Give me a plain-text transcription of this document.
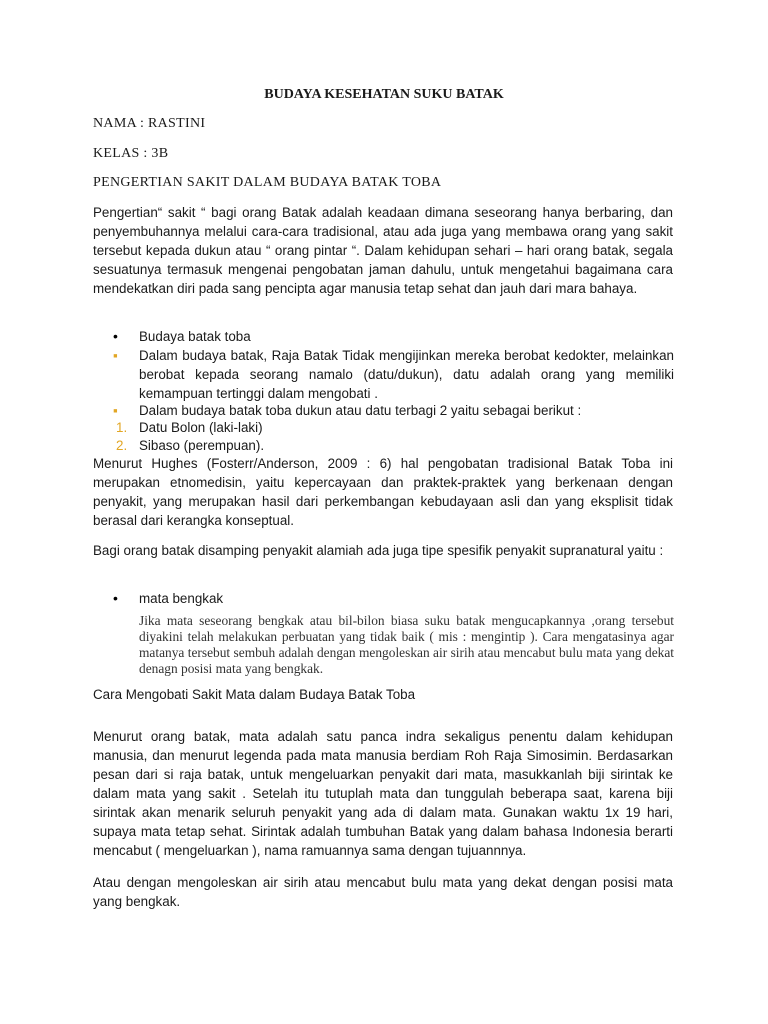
BUDAYA KESEHATAN SUKU BATAK
NAMA : RASTINI
KELAS : 3B
PENGERTIAN SAKIT DALAM BUDAYA BATAK TOBA
Pengertian“ sakit “ bagi orang Batak adalah keadaan dimana seseorang hanya berbaring, dan penyembuhannya melalui cara-cara tradisional, atau ada juga yang membawa orang yang sakit tersebut kepada dukun atau “ orang pintar “. Dalam kehidupan sehari – hari orang batak, segala sesuatunya termasuk mengenai pengobatan jaman dahulu, untuk mengetahui bagaimana cara mendekatkan diri pada sang pencipta agar manusia tetap sehat dan jauh dari mara bahaya.
•
Budaya batak toba
▪ Dalam budaya batak, Raja Batak Tidak mengijinkan mereka berobat kedokter, melainkan berobat kepada seorang namalo (datu/dukun), datu adalah orang yang memiliki kemampuan tertinggi dalam mengobati .
▪ Dalam budaya batak toba dukun atau datu terbagi 2 yaitu sebagai berikut :
1. Datu Bolon (laki-laki)
2. Sibaso (perempuan).
Menurut Hughes (Fosterr/Anderson, 2009 : 6) hal pengobatan tradisional Batak Toba ini merupakan etnomedisin, yaitu kepercayaan dan praktek-praktek yang berkenaan dengan penyakit, yang merupakan hasil dari perkembangan kebudayaan asli dan yang eksplisit tidak berasal dari kerangka konseptual.
Bagi orang batak disamping penyakit alamiah ada juga tipe spesifik penyakit supranatural yaitu :
•
mata bengkak
Jika mata seseorang bengkak atau bil-bilon biasa suku batak mengucapkannya ,orang tersebut diyakini telah melakukan perbuatan yang tidak baik ( mis : mengintip ). Cara mengatasinya agar matanya tersebut sembuh adalah dengan mengoleskan air sirih atau mencabut bulu mata yang dekat denagn posisi mata yang bengkak.
Cara Mengobati Sakit Mata dalam Budaya Batak Toba
Menurut orang batak, mata adalah satu panca indra sekaligus penentu dalam kehidupan manusia, dan menurut legenda pada mata manusia berdiam Roh Raja Simosimin. Berdasarkan pesan dari si raja batak, untuk mengeluarkan penyakit dari mata, masukkanlah biji sirintak ke dalam mata yang sakit . Setelah itu tutuplah mata dan tunggulah beberapa saat, karena biji sirintak akan menarik seluruh penyakit yang ada di dalam mata. Gunakan waktu 1x 19 hari, supaya mata tetap sehat. Sirintak adalah tumbuhan Batak yang dalam bahasa Indonesia berarti mencabut ( mengeluarkan ), nama ramuannya sama dengan tujuannnya.
Atau dengan mengoleskan air sirih atau mencabut bulu mata yang dekat dengan posisi mata yang bengkak.
